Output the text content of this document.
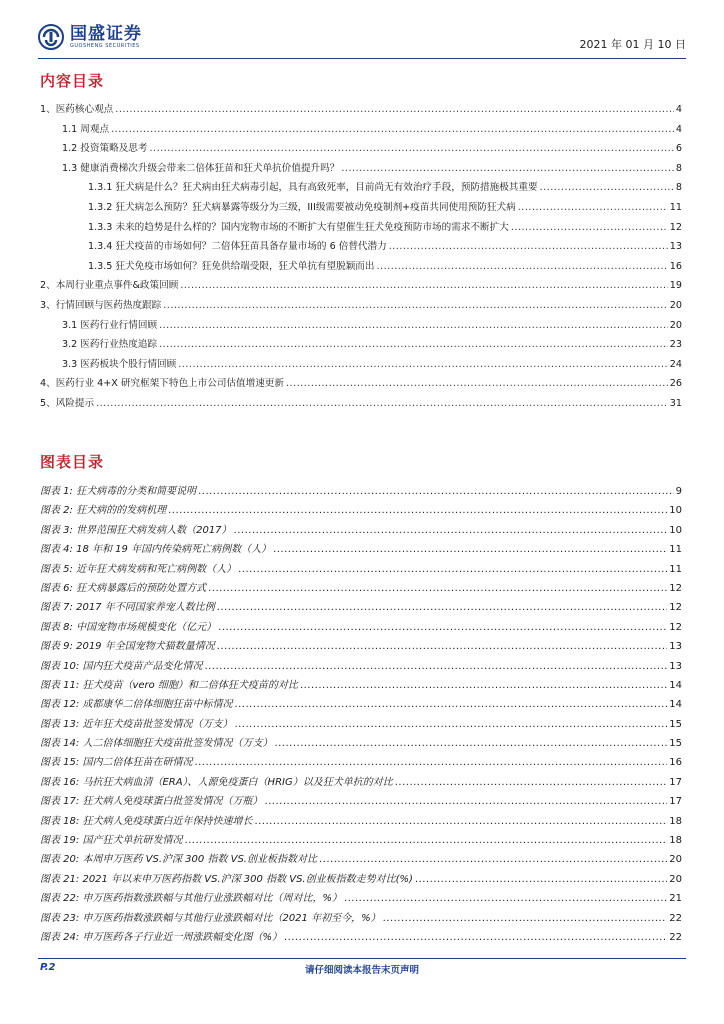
国盛证券
GUOSHENG SECURITIES	2021 年 01 月 10 日
内容目录
1、医药核心观点 .....	4
1.1 周观点 .....	4
1.2 投资策略及思考 .....	6
1.3 健康消费梯次升级会带来二倍体狂苗和狂犬单抗价值提升吗？ .....	8
1.3.1 狂犬病是什么？狂犬病由狂犬病毒引起，具有高致死率，目前尚无有效治疗手段，预防措施极其重要 .....	8
1.3.2 狂犬病怎么预防？狂犬病暴露等级分为三级，III级需要被动免疫制剂+疫苗共同使用预防狂犬病 .....	11
1.3.3 未来的趋势是什么样的？国内宠物市场的不断扩大有望催生狂犬免疫预防市场的需求不断扩大 .....	12
1.3.4 狂犬疫苗的市场如何？二倍体狂苗具备存量市场的 6 倍替代潜力 .....	13
1.3.5 狂犬免疫市场如何？狂免供给端受限，狂犬单抗有望脱颖而出 .....	16
2、本周行业重点事件&政策回顾 .....	19
3、行情回顾与医药热度跟踪 .....	20
3.1 医药行业行情回顾 .....	20
3.2 医药行业热度追踪 .....	23
3.3 医药板块个股行情回顾 .....	24
4、医药行业 4+X 研究框架下特色上市公司估值增速更新 .....	26
5、风险提示 .....	31
图表目录
图表 1: 狂犬病毒的分类和简要说明 .....	9
图表 2: 狂犬病的的发病机理 .....	10
图表 3: 世界范围狂犬病发病人数（2017） .....	10
图表 4: 18 年和 19 年国内传染病死亡病例数（人） .....	11
图表 5: 近年狂犬病发病和死亡病例数（人） .....	11
图表 6: 狂犬病暴露后的预防处置方式 .....	12
图表 7: 2017 年不同国家养宠人数比例 .....	12
图表 8: 中国宠物市场规模变化（亿元） .....	12
图表 9: 2019 年全国宠物犬猫数量情况 .....	13
图表 10: 国内狂犬疫苗产品变化情况 .....	13
图表 11: 狂犬疫苗（vero 细胞）和二倍体狂犬疫苗的对比 .....	14
图表 12: 成都康华二倍体细胞狂苗中标情况 .....	14
图表 13: 近年狂犬疫苗批签发情况（万支） .....	15
图表 14: 人二倍体细胞狂犬疫苗批签发情况（万支） .....	15
图表 15: 国内二倍体狂苗在研情况 .....	16
图表 16: 马抗狂犬病血清（ERA）、人源免疫蛋白（HRIG）以及狂犬单抗的对比 .....	17
图表 17: 狂犬病人免疫球蛋白批签发情况（万瓶） .....	17
图表 18: 狂犬病人免疫球蛋白近年保持快速增长 .....	18
图表 19: 国产狂犬单抗研发情况 .....	18
图表 20: 本周申万医药 VS.沪深 300 指数 VS.创业板指数对比 .....	20
图表 21: 2021 年以来申万医药指数 VS.沪深 300 指数 VS.创业板指数走势对比(%) .....	20
图表 22: 申万医药指数涨跌幅与其他行业涨跌幅对比（周对比，%） .....	21
图表 23: 申万医药指数涨跌幅与其他行业涨跌幅对比（2021 年初至今，%） .....	22
图表 24: 申万医药各子行业近一周涨跌幅变化图（%） .....	22
P.2	请仔细阅读本报告末页声明
